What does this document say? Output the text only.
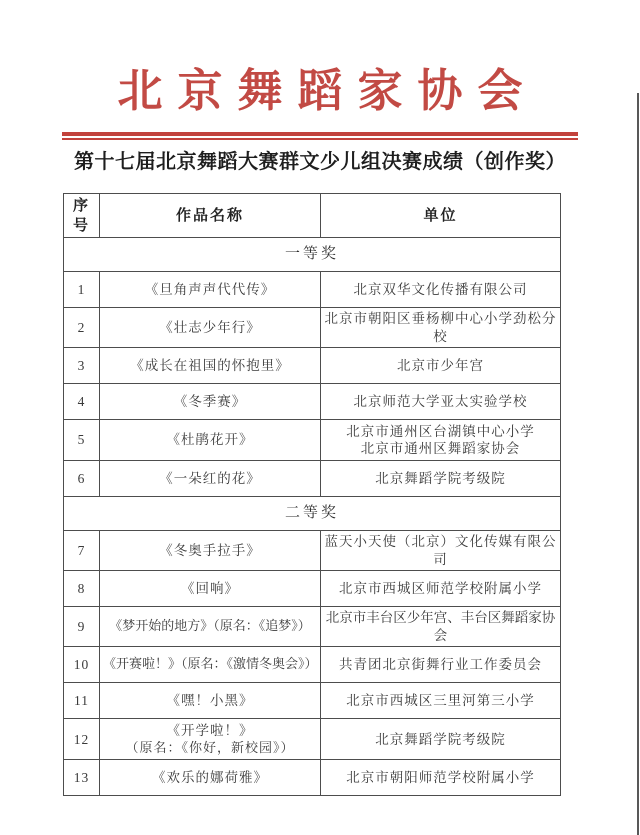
北京舞蹈家协会
第十七届北京舞蹈大赛群文少儿组决赛成绩（创作奖）
序号	作品名称	单位
一等奖		
1	《旦角声声代代传》	北京双华文化传播有限公司
2	《壮志少年行》	北京市朝阳区垂杨柳中心小学劲松分校
3	《成长在祖国的怀抱里》	北京市少年宫
4	《冬季赛》	北京师范大学亚太实验学校
5	《杜鹃花开》	北京市通州区台湖镇中心小学
北京市通州区舞蹈家协会

6	《一朵红的花》	北京舞蹈学院考级院
二等奖		
7	《冬奥手拉手》	蓝天小天使（北京）文化传媒有限公司
8	《回响》	北京市西城区师范学校附属小学
9	《梦开始的地方》（原名：《追梦》）	北京市丰台区少年宫、丰台区舞蹈家协会
10	《开赛啦！》（原名：《激情冬奥会》）	共青团北京街舞行业工作委员会
11	《嘿！小黑》	北京市西城区三里河第三小学
12	《开学啦！》
（原名：《你好，新校园》）	北京舞蹈学院考级院
13	《欢乐的娜荷雅》	北京市朝阳师范学校附属小学
